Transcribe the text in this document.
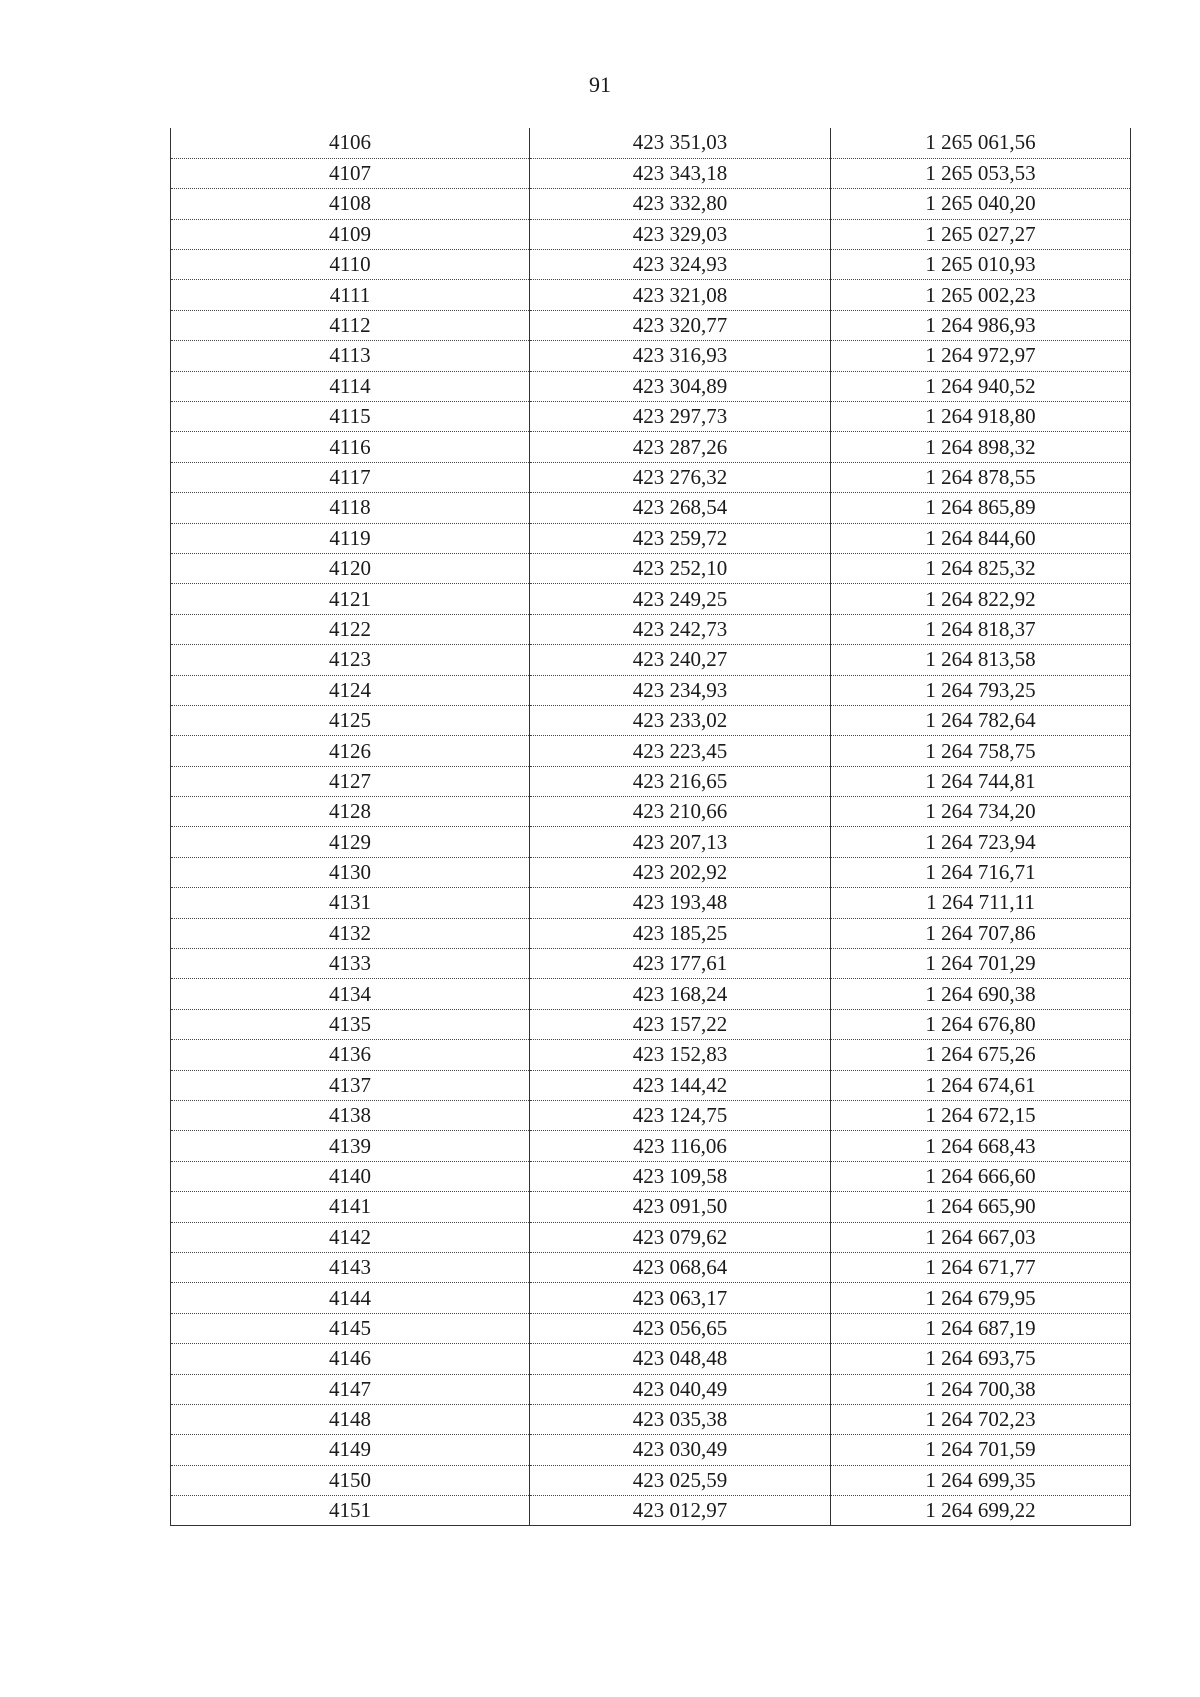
91
4106	423 351,03	1 265 061,56
4107	423 343,18	1 265 053,53
4108	423 332,80	1 265 040,20
4109	423 329,03	1 265 027,27
4110	423 324,93	1 265 010,93
4111	423 321,08	1 265 002,23
4112	423 320,77	1 264 986,93
4113	423 316,93	1 264 972,97
4114	423 304,89	1 264 940,52
4115	423 297,73	1 264 918,80
4116	423 287,26	1 264 898,32
4117	423 276,32	1 264 878,55
4118	423 268,54	1 264 865,89
4119	423 259,72	1 264 844,60
4120	423 252,10	1 264 825,32
4121	423 249,25	1 264 822,92
4122	423 242,73	1 264 818,37
4123	423 240,27	1 264 813,58
4124	423 234,93	1 264 793,25
4125	423 233,02	1 264 782,64
4126	423 223,45	1 264 758,75
4127	423 216,65	1 264 744,81
4128	423 210,66	1 264 734,20
4129	423 207,13	1 264 723,94
4130	423 202,92	1 264 716,71
4131	423 193,48	1 264 711,11
4132	423 185,25	1 264 707,86
4133	423 177,61	1 264 701,29
4134	423 168,24	1 264 690,38
4135	423 157,22	1 264 676,80
4136	423 152,83	1 264 675,26
4137	423 144,42	1 264 674,61
4138	423 124,75	1 264 672,15
4139	423 116,06	1 264 668,43
4140	423 109,58	1 264 666,60
4141	423 091,50	1 264 665,90
4142	423 079,62	1 264 667,03
4143	423 068,64	1 264 671,77
4144	423 063,17	1 264 679,95
4145	423 056,65	1 264 687,19
4146	423 048,48	1 264 693,75
4147	423 040,49	1 264 700,38
4148	423 035,38	1 264 702,23
4149	423 030,49	1 264 701,59
4150	423 025,59	1 264 699,35
4151	423 012,97	1 264 699,22
